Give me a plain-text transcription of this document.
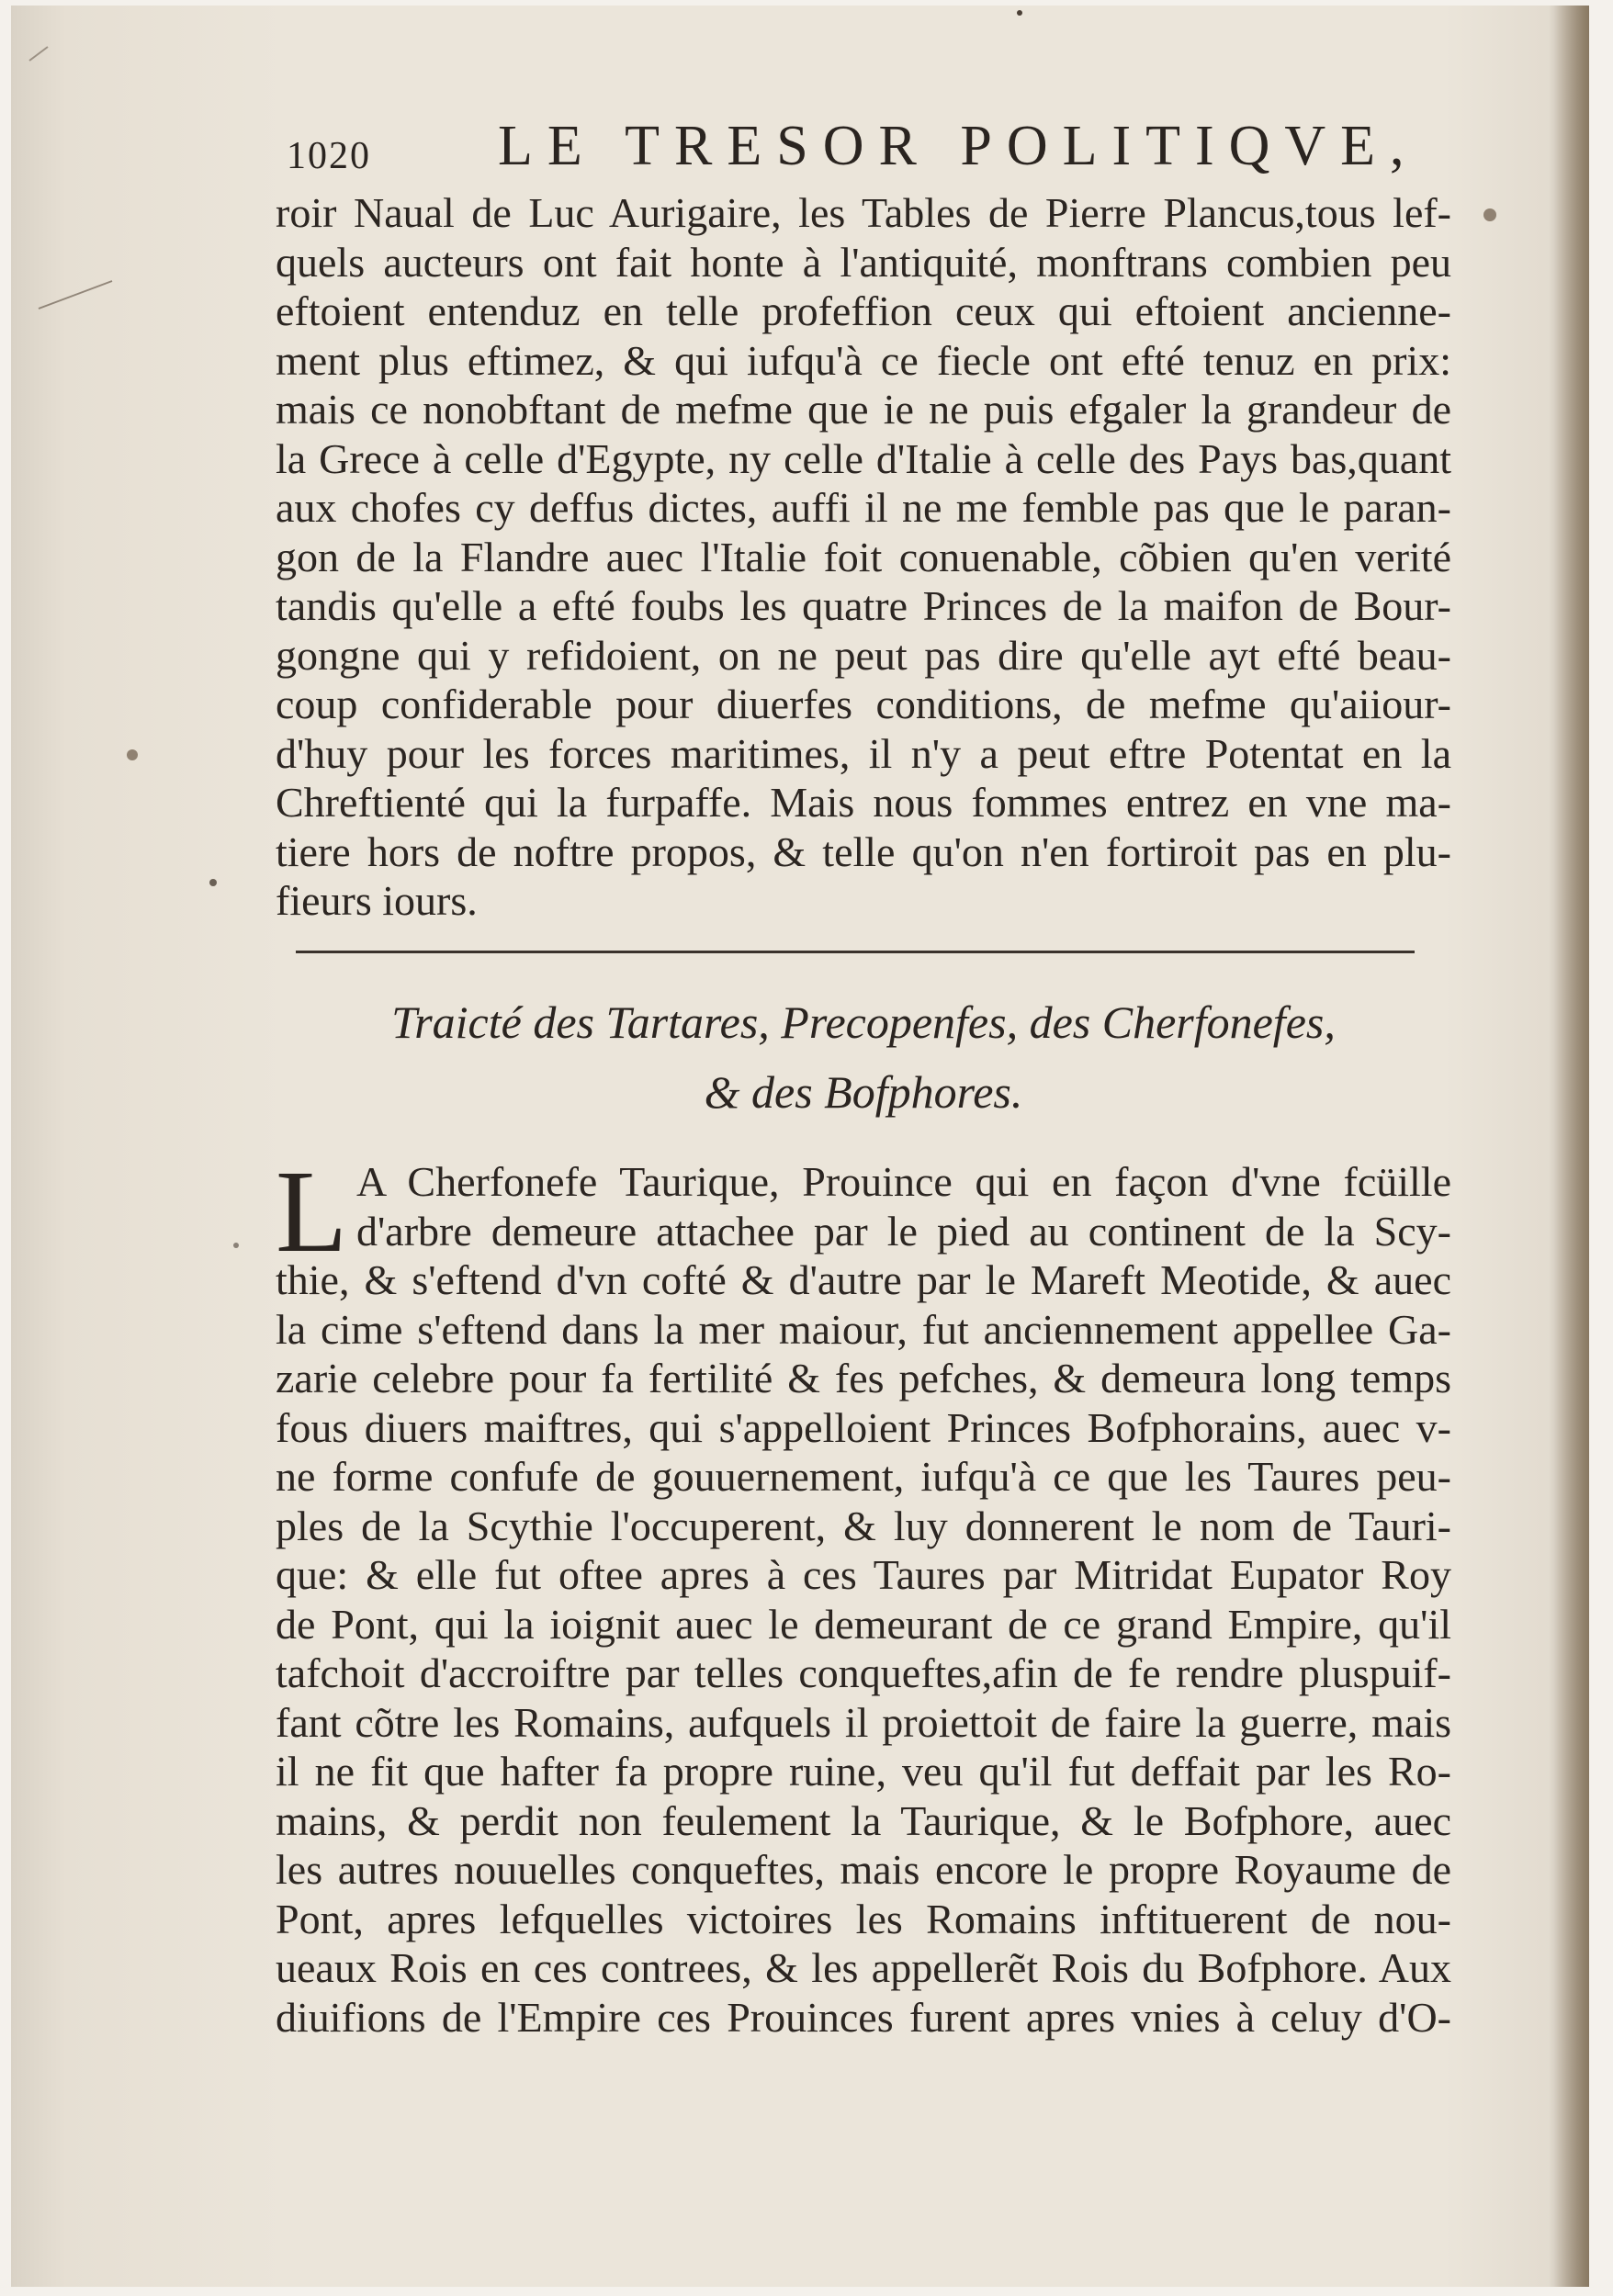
1020 LE TRESOR POLITIQVE,
roir Naual de Luc Aurigaire, les Tables de Pierre Plancus,tous lef-
quels aucteurs ont fait honte à l'antiquité, monftrans combien peu
eftoient entenduz en telle profeffion ceux qui eftoient ancienne-
ment plus eftimez, & qui iufqu'à ce fiecle ont efté tenuz en prix:
mais ce nonobftant de mefme que ie ne puis efgaler la grandeur de
la Grece à celle d'Egypte, ny celle d'Italie à celle des Pays bas,quant
aux chofes cy deffus dictes, auffi il ne me femble pas que le paran-
gon de la Flandre auec l'Italie foit conuenable, cõbien qu'en verité
tandis qu'elle a efté foubs les quatre Princes de la maifon de Bour-
gongne qui y refidoient, on ne peut pas dire qu'elle ayt efté beau-
coup confiderable pour diuerfes conditions, de mefme qu'aiiour-
d'huy pour les forces maritimes, il n'y a peut eftre Potentat en la
Chreftienté qui la furpaffe. Mais nous fommes entrez en vne ma-
tiere hors de noftre propos, & telle qu'on n'en fortiroit pas en plu-
fieurs iours.
Traicté des Tartares, Precopenfes, des Cherfonefes,
& des Bofphores.
L A Cherfonefe Taurique, Prouince qui en façon d'vne fcüille
d'arbre demeure attachee par le pied au continent de la Scy-
thie, & s'eftend d'vn cofté & d'autre par le Mareft Meotide, & auec
la cime s'eftend dans la mer maiour, fut anciennement appellee Ga-
zarie celebre pour fa fertilité & fes pefches, & demeura long temps
fous diuers maiftres, qui s'appelloient Princes Bofphorains, auec v-
ne forme confufe de gouuernement, iufqu'à ce que les Taures peu-
ples de la Scythie l'occuperent, & luy donnerent le nom de Tauri-
que: & elle fut oftee apres à ces Taures par Mitridat Eupator Roy
de Pont, qui la ioignit auec le demeurant de ce grand Empire, qu'il
tafchoit d'accroiftre par telles conqueftes,afin de fe rendre pluspuif-
fant cõtre les Romains, aufquels il proiettoit de faire la guerre, mais
il ne fit que hafter fa propre ruine, veu qu'il fut deffait par les Ro-
mains, & perdit non feulement la Taurique, & le Bofphore, auec
les autres nouuelles conqueftes, mais encore le propre Royaume de
Pont, apres lefquelles victoires les Romains inftituerent de nou-
ueaux Rois en ces contrees, & les appellerẽt Rois du Bofphore. Aux
diuifions de l'Empire ces Prouinces furent apres vnies à celuy d'O-
